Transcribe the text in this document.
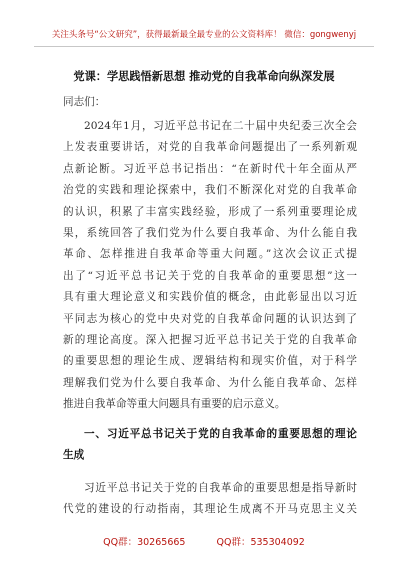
关注头条号“公文研究”，获得最新最全最专业的公文资料库！ 微信：gongwenyj
党课：学思践悟新思想 推动党的自我革命向纵深发展
同志们：
2024年1月，习近平总书记在二十届中央纪委三次全会
上发表重要讲话，对党的自我革命问题提出了一系列新观
点新论断。习近平总书记指出：“在新时代十年全面从严
治党的实践和理论探索中，我们不断深化对党的自我革命
的认识，积累了丰富实践经验，形成了一系列重要理论成
果，系统回答了我们党为什么要自我革命、为什么能自我
革命、怎样推进自我革命等重大问题。”这次会议正式提
出了“习近平总书记关于党的自我革命的重要思想”这一
具有重大理论意义和实践价值的概念，由此彰显出以习近
平同志为核心的党中央对党的自我革命问题的认识达到了
新的理论高度。深入把握习近平总书记关于党的自我革命
的重要思想的理论生成、逻辑结构和现实价值，对于科学
理解我们党为什么要自我革命、为什么能自我革命、怎样
推进自我革命等重大问题具有重要的启示意义。
一、习近平总书记关于党的自我革命的重要思想的理论
生成
习近平总书记关于党的自我革命的重要思想是指导新时
代党的建设的行动指南，其理论生成离不开马克思主义关
QQ群：30265665	QQ群：535304092
